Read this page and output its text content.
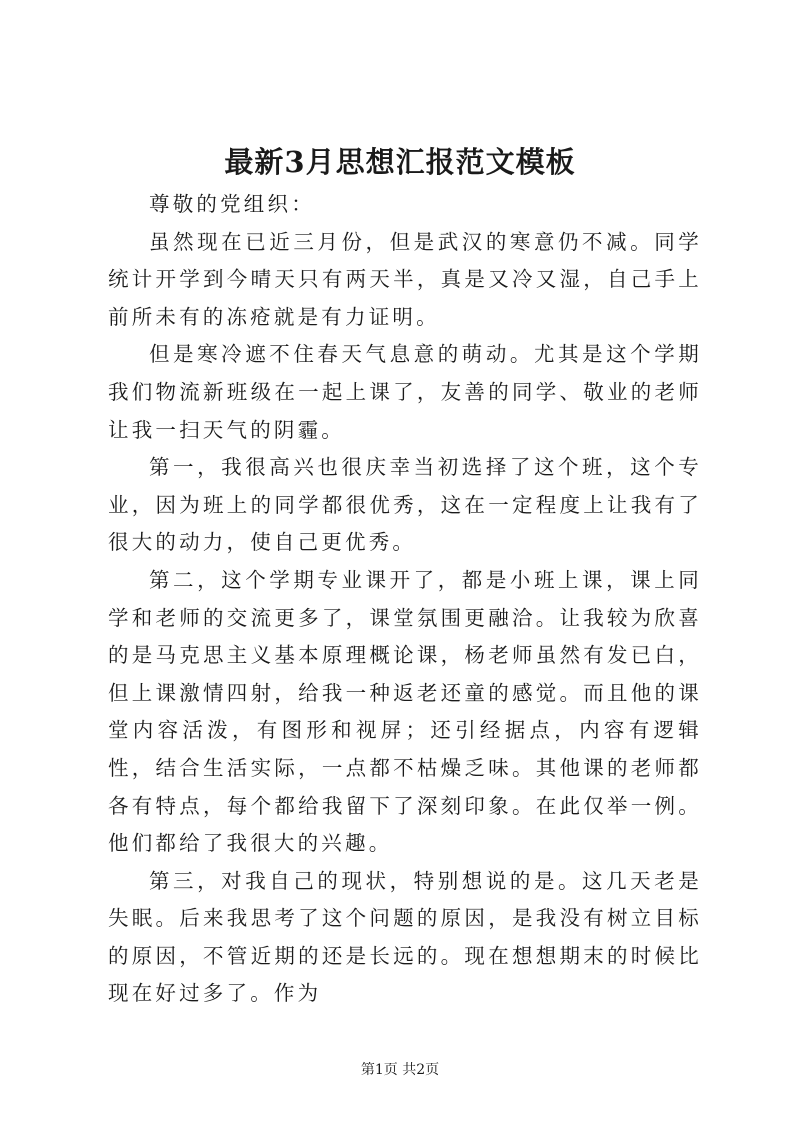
最新3月思想汇报范文模板

尊敬的党组织：

虽然现在已近三月份，但是武汉的寒意仍不减。同学统计开学到今晴天只有两天半，真是又冷又湿，自己手上前所未有的冻疮就是有力证明。

但是寒冷遮不住春天气息意的萌动。尤其是这个学期我们物流新班级在一起上课了，友善的同学、敬业的老师让我一扫天气的阴霾。

第一，我很高兴也很庆幸当初选择了这个班，这个专业，因为班上的同学都很优秀，这在一定程度上让我有了很大的动力，使自己更优秀。

第二，这个学期专业课开了，都是小班上课，课上同学和老师的交流更多了，课堂氛围更融洽。让我较为欣喜的是马克思主义基本原理概论课，杨老师虽然有发已白，但上课激情四射，给我一种返老还童的感觉。而且他的课堂内容活泼，有图形和视屏；还引经据点，内容有逻辑性，结合生活实际，一点都不枯燥乏味。其他课的老师都各有特点，每个都给我留下了深刻印象。在此仅举一例。他们都给了我很大的兴趣。

第三，对我自己的现状，特别想说的是。这几天老是失眠。后来我思考了这个问题的原因，是我没有树立目标的原因，不管近期的还是长远的。现在想想期末的时候比现在好过多了。作为

第1页 共2页
